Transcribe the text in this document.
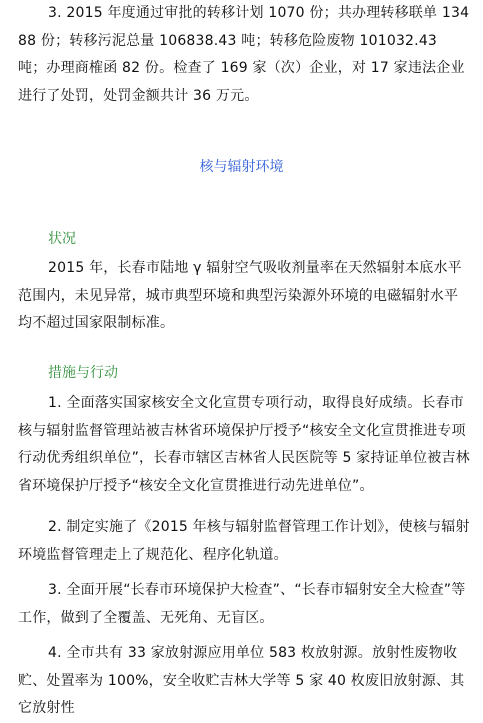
3. 2015 年度通过审批的转移计划 1070 份；共办理转移联单 13488 份；转移污泥总量 106838.43 吨；转移危险废物 101032.43 吨；办理商榷函 82 份。检查了 169 家（次）企业，对 17 家违法企业进行了处罚，处罚金额共计 36 万元。

核与辐射环境
状况

2015 年，长春市陆地 γ 辐射空气吸收剂量率在天然辐射本底水平范围内，未见异常，城市典型环境和典型污染源外环境的电磁辐射水平均不超过国家限制标准。

措施与行动

1. 全面落实国家核安全文化宣贯专项行动，取得良好成绩。长春市核与辐射监督管理站被吉林省环境保护厅授予“核安全文化宣贯推进专项行动优秀组织单位”，长春市辖区吉林省人民医院等 5 家持证单位被吉林省环境保护厅授予“核安全文化宣贯推进行动先进单位”。

2. 制定实施了《2015 年核与辐射监督管理工作计划》，使核与辐射环境监督管理走上了规范化、程序化轨道。

3. 全面开展“长春市环境保护大检查”、“长春市辐射安全大检查”等工作，做到了全覆盖、无死角、无盲区。

4. 全市共有 33 家放射源应用单位 583 枚放射源。放射性废物收贮、处置率为 100%，安全收贮吉林大学等 5 家 40 枚废旧放射源、其它放射性
